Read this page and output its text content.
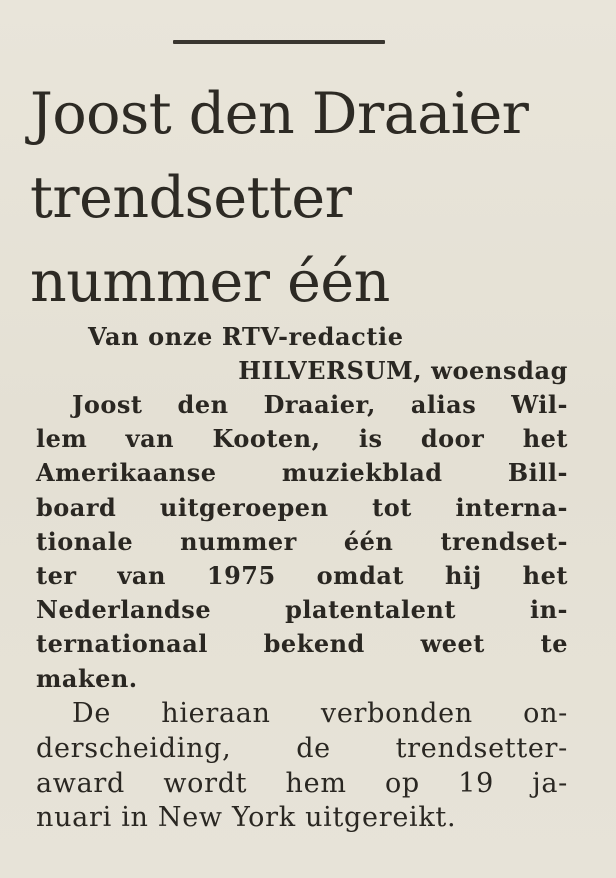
Joost den Draaier
trendsetter
nummer één
Van onze RTV-redactie
HILVERSUM, woensdag
Joost den Draaier, alias Wil-
lem van Kooten, is door het
Amerikaanse muziekblad Bill-
board uitgeroepen tot interna-
tionale nummer één trendset-
ter van 1975 omdat hij het
Nederlandse platentalent in-
ternationaal bekend weet te
maken.
De hieraan verbonden on-
derscheiding, de trendsetter-
award wordt hem op 19 ja-
nuari in New York uitgereikt.
